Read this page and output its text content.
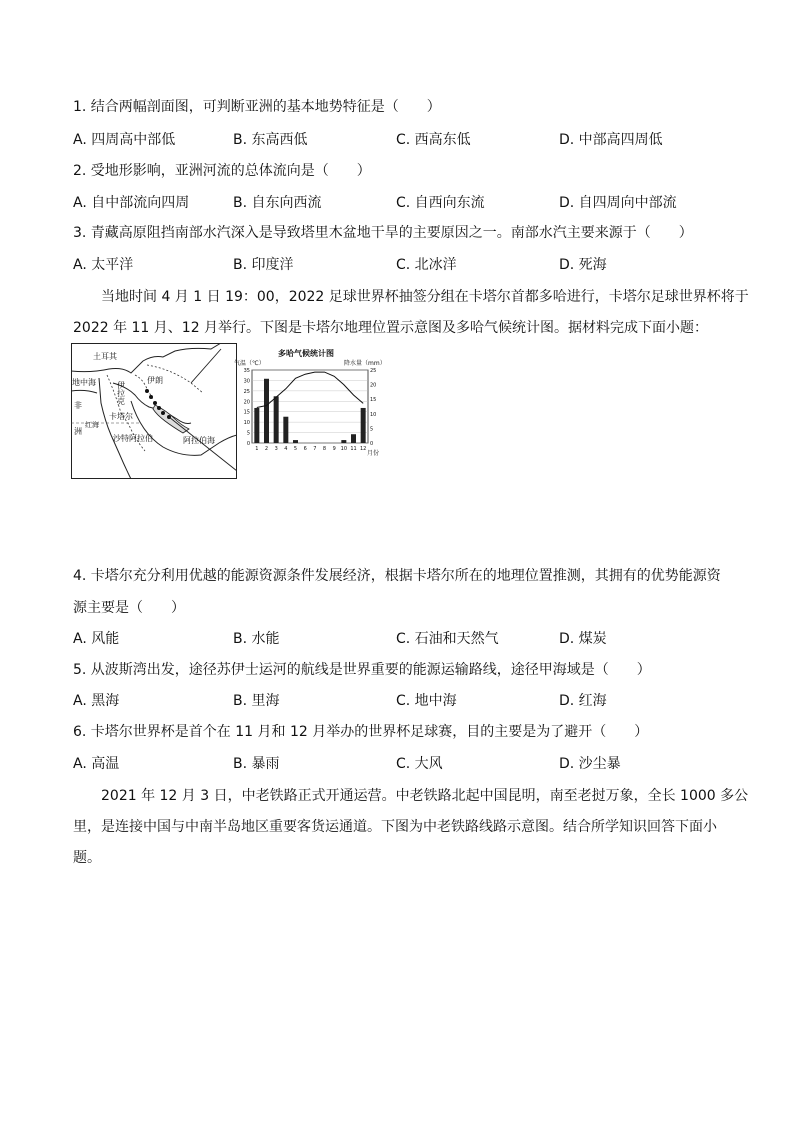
1. 结合两幅剖面图，可判断亚洲的基本地势特征是（　　）
A. 四周高中部低	B. 东高西低	C. 西高东低	D. 中部高四周低
2. 受地形影响，亚洲河流的总体流向是（　　）
A. 自中部流向四周	B. 自东向西流	C. 自西向东流	D. 自四周向中部流
3. 青藏高原阻挡南部水汽深入是导致塔里木盆地干旱的主要原因之一。南部水汽主要来源于（　　）
A. 太平洋	B. 印度洋	C. 北冰洋	D. 死海
当地时间 4 月 1 日 19：00，2022 足球世界杯抽签分组在卡塔尔首都多哈进行，卡塔尔足球世界杯将于
2022 年 11 月、12 月举行。下图是卡塔尔地理位置示意图及多哈气候统计图。据材料完成下面小题：
土耳其
地中海	伊拉克
伊朗
非洲	卡塔尔
红海
沙特阿拉伯	阿拉伯海
多哈气候统计图
气温（℃）	降水量（mm）
月份
35
30
25
20
15
10
5
0
25
20
15
10
5
0
1 2 3 4 5 6 7 8 9 10 11 12
4. 卡塔尔充分利用优越的能源资源条件发展经济，根据卡塔尔所在的地理位置推测，其拥有的优势能源资
源主要是（　　）
A. 风能	B. 水能	C. 石油和天然气	D. 煤炭
5. 从波斯湾出发，途径苏伊士运河的航线是世界重要的能源运输路线，途径甲海域是（　　）
A. 黑海	B. 里海	C. 地中海	D. 红海
6. 卡塔尔世界杯是首个在 11 月和 12 月举办的世界杯足球赛，目的主要是为了避开（　　）
A. 高温	B. 暴雨	C. 大风	D. 沙尘暴
2021 年 12 月 3 日，中老铁路正式开通运营。中老铁路北起中国昆明，南至老挝万象，全长 1000 多公
里，是连接中国与中南半岛地区重要客货运通道。下图为中老铁路线路示意图。结合所学知识回答下面小
题。
